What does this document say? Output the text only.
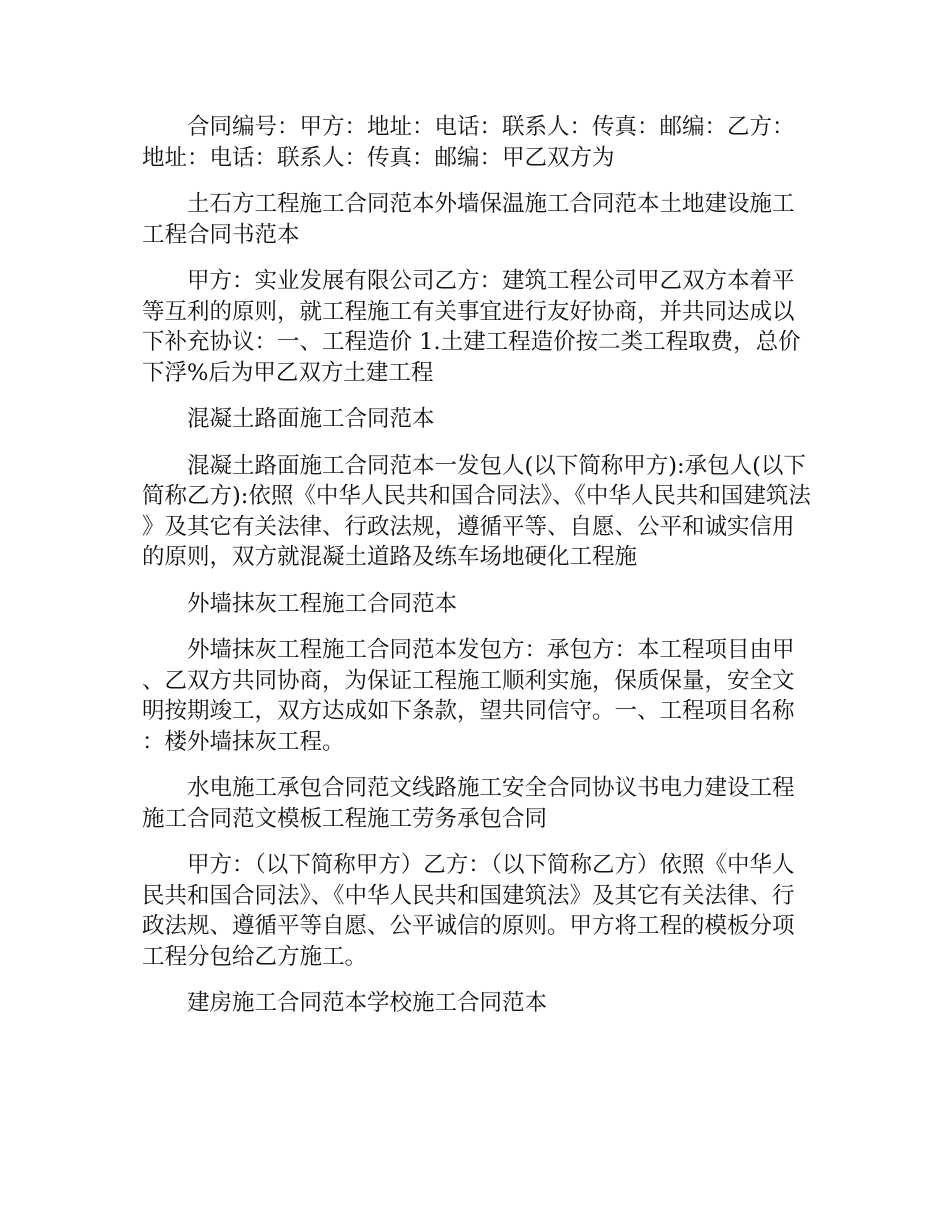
合同编号：甲方：地址：电话：联系人：传真：邮编：乙方：地址：电话：联系人：传真：邮编：甲乙双方为

土石方工程施工合同范本外墙保温施工合同范本土地建设施工工程合同书范本

甲方：实业发展有限公司乙方：建筑工程公司甲乙双方本着平等互利的原则，就工程施工有关事宜进行友好协商，并共同达成以下补充协议：一、工程造价 1.土建工程造价按二类工程取费，总价下浮%后为甲乙双方土建工程

混凝土路面施工合同范本

混凝土路面施工合同范本一发包人(以下简称甲方):承包人(以下简称乙方):依照《中华人民共和国合同法》、《中华人民共和国建筑法》及其它有关法律、行政法规，遵循平等、自愿、公平和诚实信用的原则，双方就混凝土道路及练车场地硬化工程施

外墙抹灰工程施工合同范本

外墙抹灰工程施工合同范本发包方：承包方：本工程项目由甲、乙双方共同协商，为保证工程施工顺利实施，保质保量，安全文明按期竣工，双方达成如下条款，望共同信守。一、工程项目名称：楼外墙抹灰工程。

水电施工承包合同范文线路施工安全合同协议书电力建设工程施工合同范文模板工程施工劳务承包合同

甲方：（以下简称甲方）乙方：（以下简称乙方）依照《中华人民共和国合同法》、《中华人民共和国建筑法》及其它有关法律、行政法规、遵循平等自愿、公平诚信的原则。甲方将工程的模板分项工程分包给乙方施工。

建房施工合同范本学校施工合同范本
